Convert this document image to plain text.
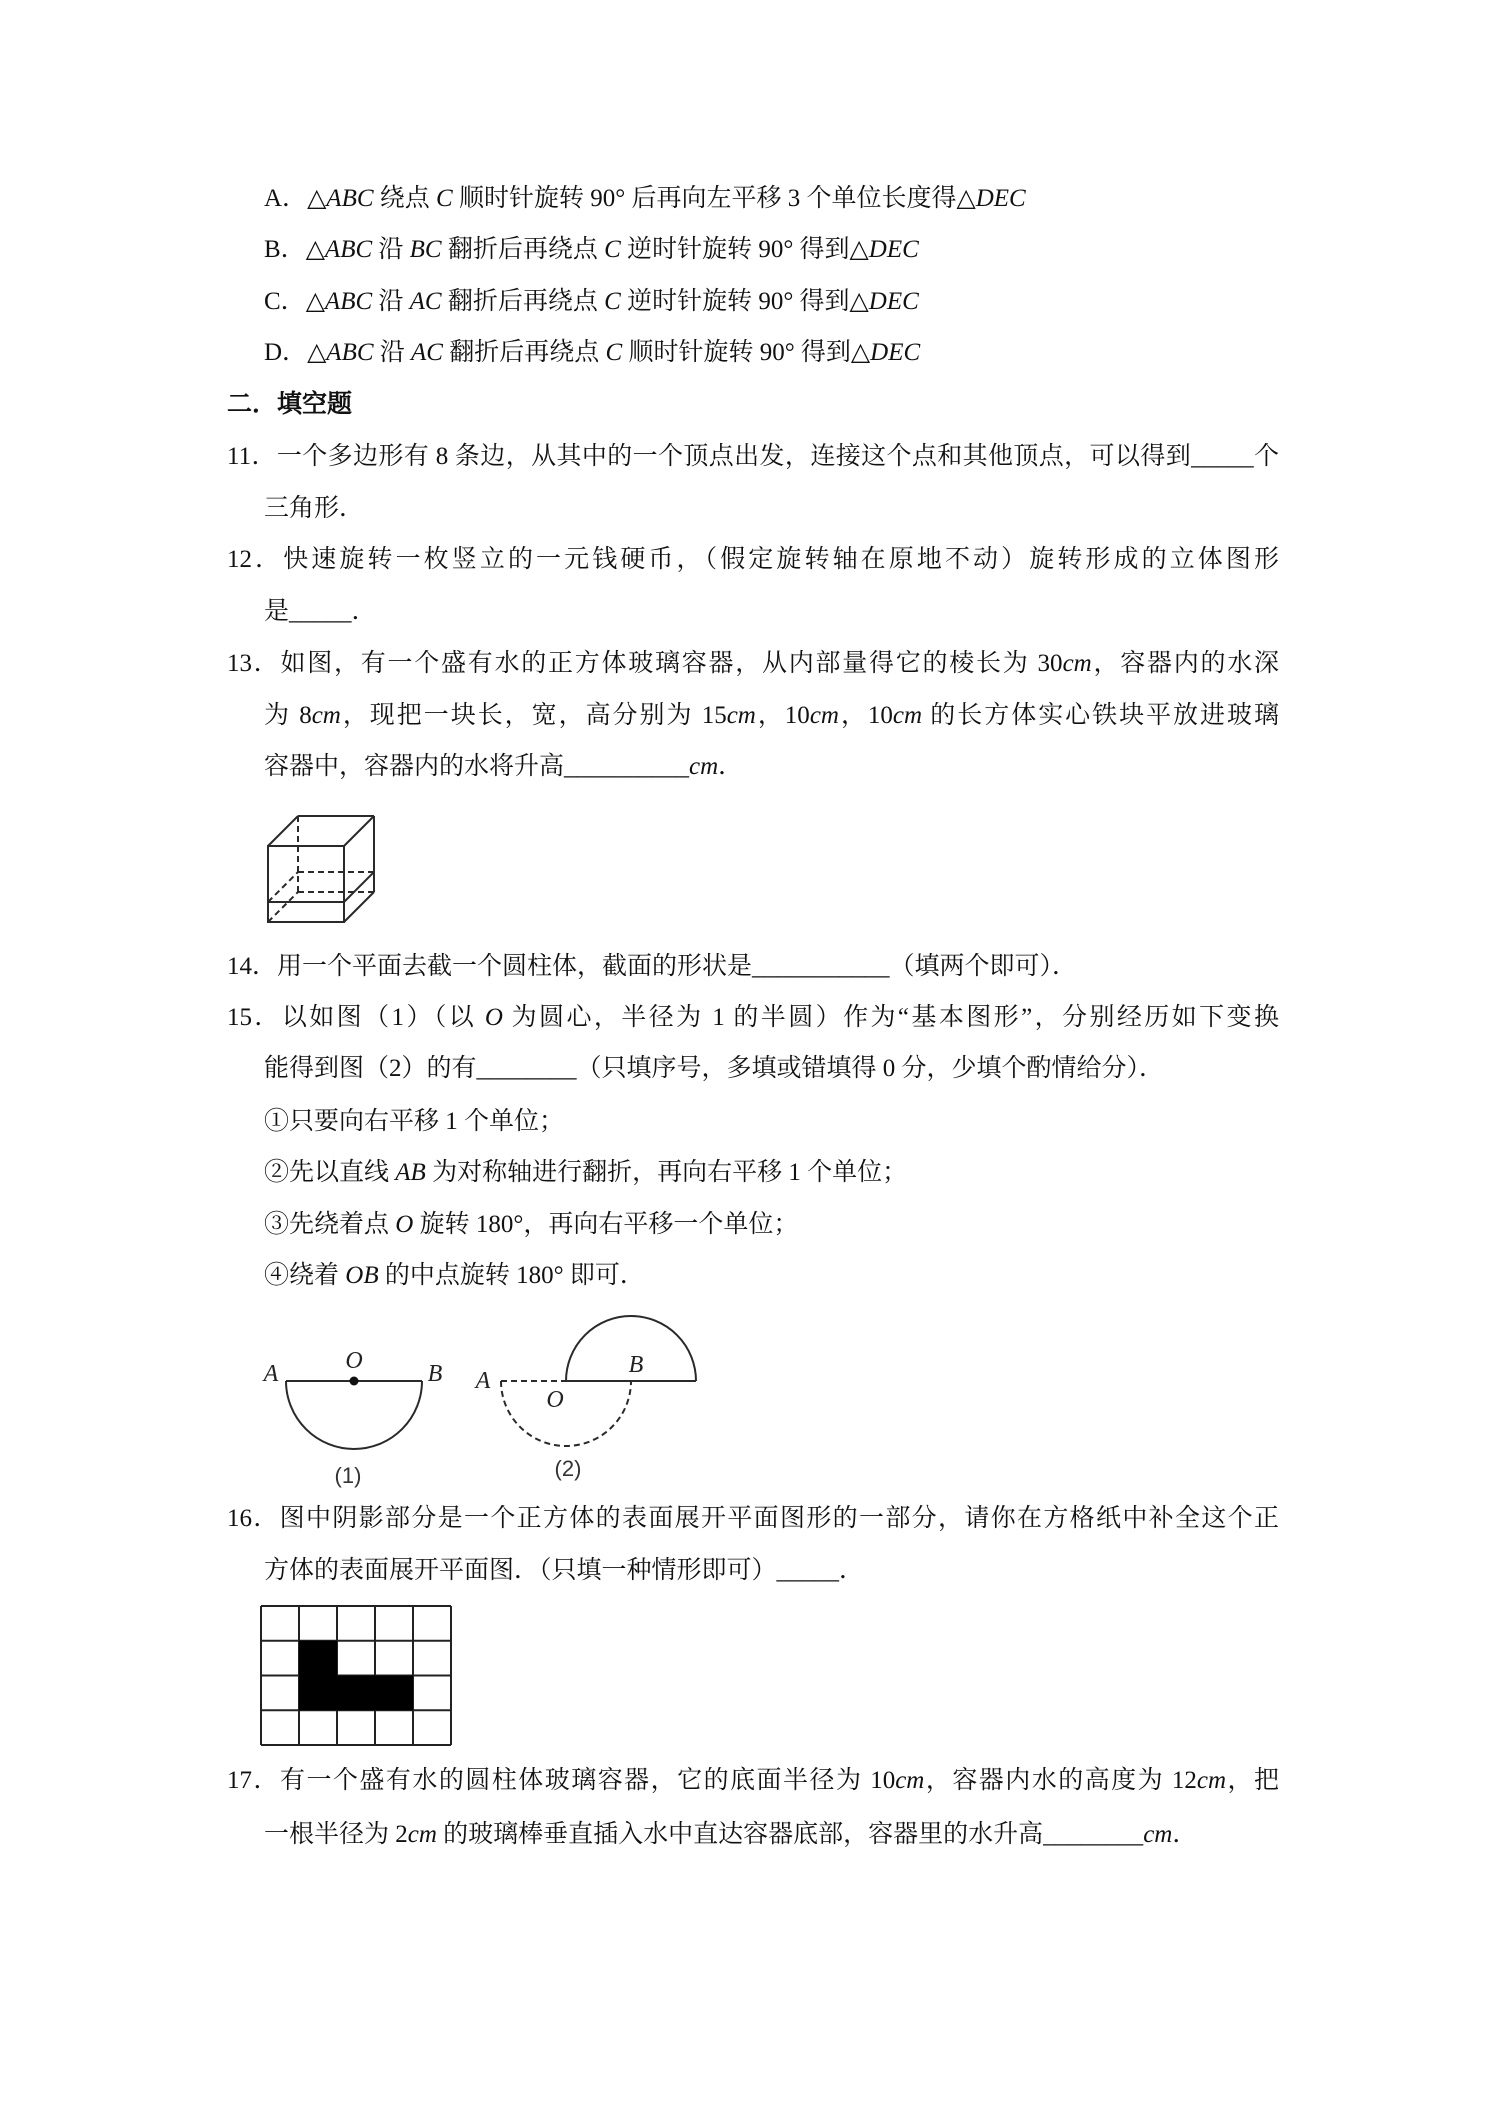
A．△ABC 绕点 C 顺时针旋转 90° 后再向左平移 3 个单位长度得△DEC
B．△ABC 沿 BC 翻折后再绕点 C 逆时针旋转 90° 得到△DEC
C．△ABC 沿 AC 翻折后再绕点 C 逆时针旋转 90° 得到△DEC
D．△ABC 沿 AC 翻折后再绕点 C 顺时针旋转 90° 得到△DEC
二．填空题
11．一个多边形有 8 条边，从其中的一个顶点出发，连接这个点和其他顶点，可以得到_____个
三角形．
12．快速旋转一枚竖立的一元钱硬币，（假定旋转轴在原地不动）旋转形成的立体图形
是_____．
13．如图，有一个盛有水的正方体玻璃容器，从内部量得它的棱长为 30cm，容器内的水深
为 8cm，现把一块长，宽，高分别为 15cm，10cm，10cm 的长方体实心铁块平放进玻璃
容器中，容器内的水将升高__________cm．
14．用一个平面去截一个圆柱体，截面的形状是___________（填两个即可）．
15．以如图（1）（以 O 为圆心，半径为 1 的半圆）作为“基本图形”，分别经历如下变换
能得到图（2）的有________（只填序号，多填或错填得 0 分，少填个酌情给分）．
①只要向右平移 1 个单位；
②先以直线 AB 为对称轴进行翻折，再向右平移 1 个单位；
③先绕着点 O 旋转 180°，再向右平移一个单位；
④绕着 OB 的中点旋转 180° 即可．
A	O	B
(1)
A
O
B
(2)
16．图中阴影部分是一个正方体的表面展开平面图形的一部分，请你在方格纸中补全这个正
方体的表面展开平面图．（只填一种情形即可）_____．
17．有一个盛有水的圆柱体玻璃容器，它的底面半径为 10cm，容器内水的高度为 12cm，把
一根半径为 2cm 的玻璃棒垂直插入水中直达容器底部，容器里的水升高________cm．
